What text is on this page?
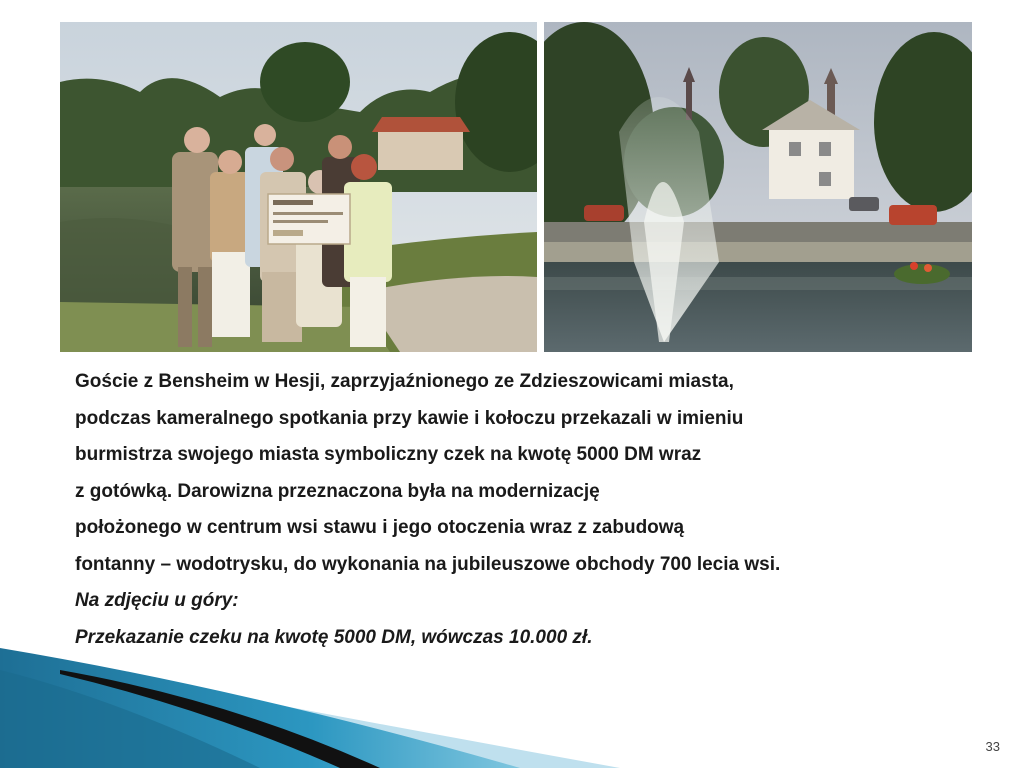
Goście z Bensheim w Hesji, zaprzyjaźnionego ze Zdzieszowicami miasta,
podczas kameralnego spotkania przy kawie i kołoczu przekazali w imieniu
burmistrza swojego miasta symboliczny czek na kwotę 5000 DM wraz
z gotówką. Darowizna przeznaczona była na modernizację
położonego w centrum wsi stawu i jego otoczenia wraz z zabudową
fontanny – wodotrysku, do wykonania na jubileuszowe obchody 700 lecia wsi.
Na zdjęciu u góry:
Przekazanie czeku na kwotę 5000 DM, wówczas 10.000 zł.
33
